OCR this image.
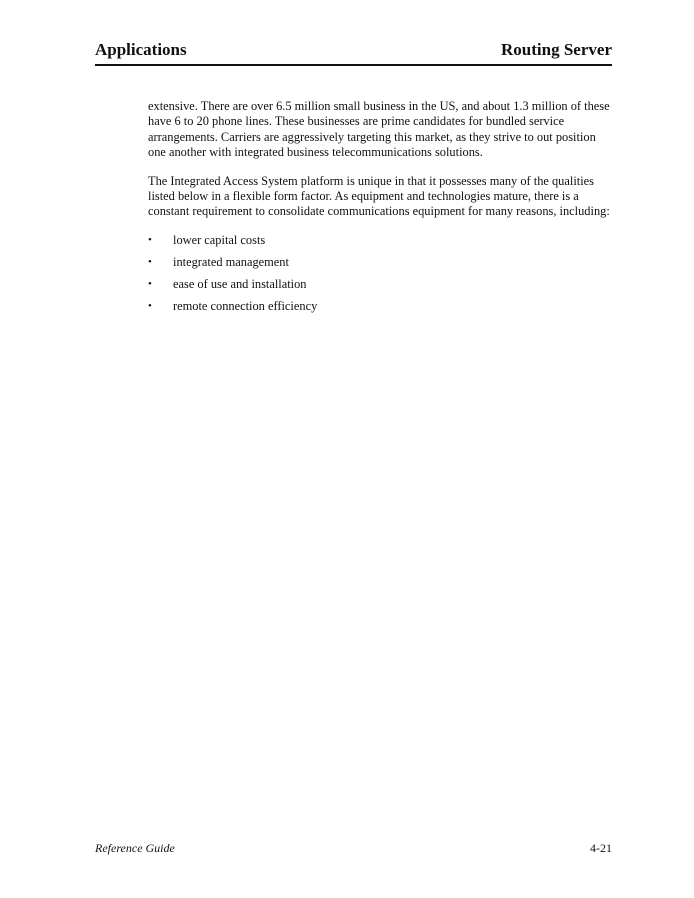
Applications	Routing Server

extensive. There are over 6.5 million small business in the US, and about 1.3 million of these have 6 to 20 phone lines. These businesses are prime candidates for bundled service arrangements. Carriers are aggressively targeting this market, as they strive to out position one another with integrated business telecommunications solutions.

The Integrated Access System platform is unique in that it possesses many of the qualities listed below in a flexible form factor. As equipment and technologies mature, there is a constant requirement to consolidate communications equipment for many reasons, including:

•	lower capital costs
•	integrated management
•	ease of use and installation
•	remote connection efficiency
Reference Guide	4-21
